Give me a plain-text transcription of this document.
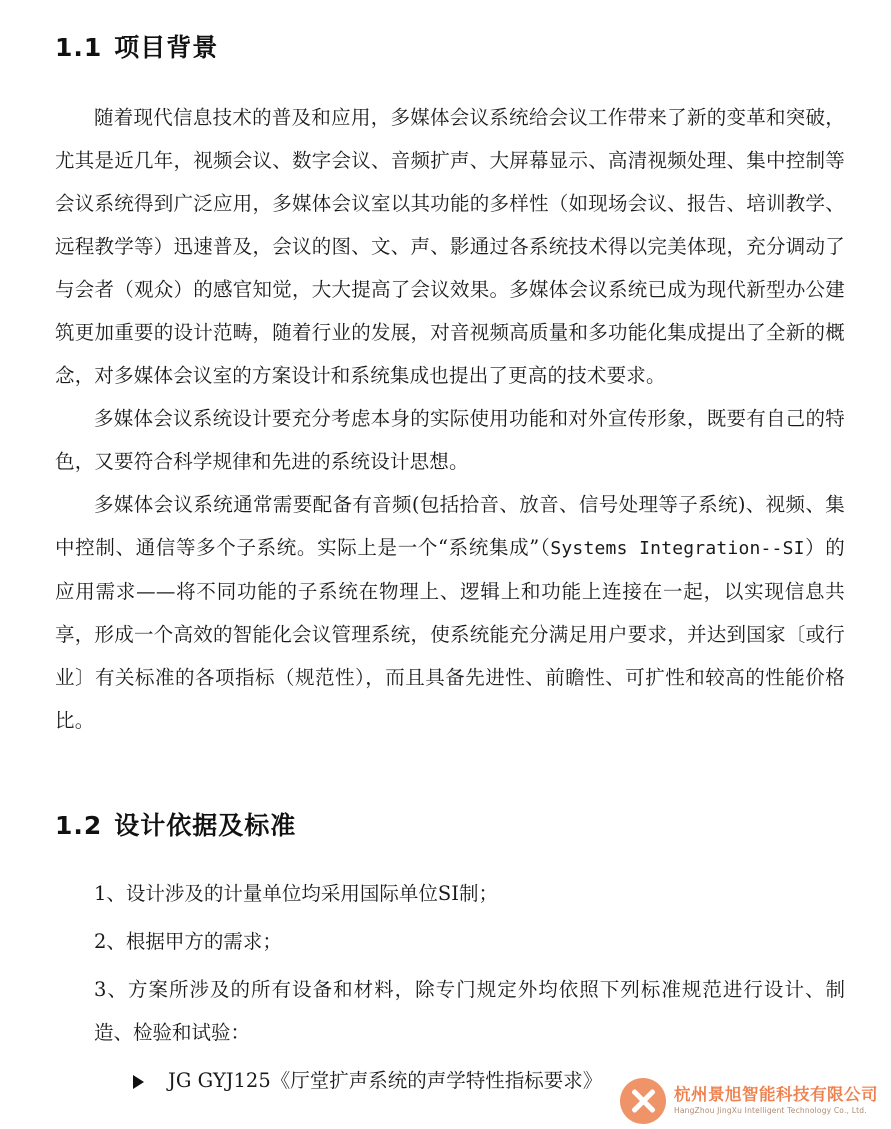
1.1 项目背景

随着现代信息技术的普及和应用，多媒体会议系统给会议工作带来了新的变革和突破，尤其是近几年，视频会议、数字会议、音频扩声、大屏幕显示、高清视频处理、集中控制等会议系统得到广泛应用，多媒体会议室以其功能的多样性（如现场会议、报告、培训教学、远程教学等）迅速普及，会议的图、文、声、影通过各系统技术得以完美体现，充分调动了与会者（观众）的感官知觉，大大提高了会议效果。多媒体会议系统已成为现代新型办公建筑更加重要的设计范畴，随着行业的发展，对音视频高质量和多功能化集成提出了全新的概念，对多媒体会议室的方案设计和系统集成也提出了更高的技术要求。

多媒体会议系统设计要充分考虑本身的实际使用功能和对外宣传形象，既要有自己的特色，又要符合科学规律和先进的系统设计思想。

多媒体会议系统通常需要配备有音频(包括拾音、放音、信号处理等子系统)、视频、集中控制、通信等多个子系统。实际上是一个“系统集成”（Systems Integration--SI）的应用需求——将不同功能的子系统在物理上、逻辑上和功能上连接在一起，以实现信息共享，形成一个高效的智能化会议管理系统，使系统能充分满足用户要求，并达到国家〔或行业〕有关标准的各项指标（规范性），而且具备先进性、前瞻性、可扩性和较高的性能价格比。

1.2 设计依据及标准

1、设计涉及的计量单位均采用国际单位SI制；

2、根据甲方的需求；

3、方案所涉及的所有设备和材料，除专门规定外均依照下列标准规范进行设计、制造、检验和试验：

JG GYJ125《厅堂扩声系统的声学特性指标要求》

杭州景旭智能科技有限公司
HangZhou JingXu Intelligent Technology Co., Ltd.
